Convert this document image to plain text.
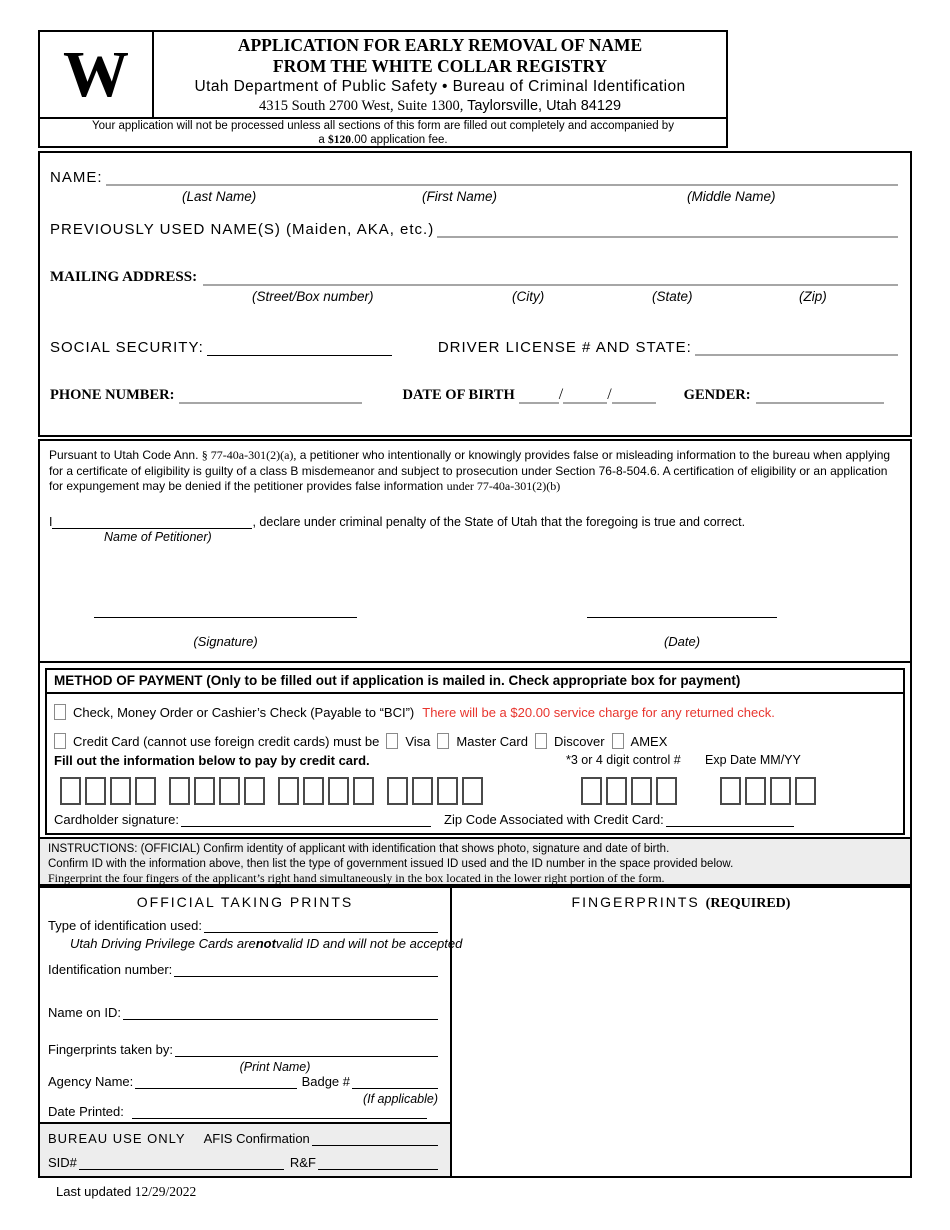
W	APPLICATION FOR EARLY REMOVAL OF NAME
FROM THE WHITE COLLAR REGISTRY
Utah Department of Public Safety • Bureau of Criminal Identification
4315 South 2700 West, Suite 1300, Taylorsville, Utah 84129
Your application will not be processed unless all sections of this form are filled out completely and accompanied by
a $120.00 application fee.
NAME:
(Last Name)	(First Name)	(Middle Name)
PREVIOUSLY USED NAME(S) (Maiden, AKA, etc.)
MAILING ADDRESS:
(Street/Box number)	(City)	(State)	(Zip)
SOCIAL SECURITY:	DRIVER LICENSE # AND STATE:
PHONE NUMBER:	DATE OF BIRTH	/	/	GENDER:
Pursuant to Utah Code Ann. § 77-40a-301(2)(a), a petitioner who intentionally or knowingly provides false or misleading information to the bureau when applying for a certificate of eligibility is guilty of a class B misdemeanor and subject to prosecution under Section 76-8-504.6. A certification of eligibility or an application for expungement may be denied if the petitioner provides false information under 77-40a-301(2)(b)
I	, declare under criminal penalty of the State of Utah that the foregoing is true and correct.
Name of Petitioner)
(Signature)	(Date)
METHOD OF PAYMENT (Only to be filled out if application is mailed in. Check appropriate box for payment)
Check, Money Order or Cashier’s Check (Payable to “BCI”) There will be a $20.00 service charge for any returned check.
Credit Card (cannot use foreign credit cards) must be Visa Master Card Discover AMEX
Fill out the information below to pay by credit card.	*3 or 4 digit control # Exp Date MM/YY
Cardholder signature:	Zip Code Associated with Credit Card:
INSTRUCTIONS: (OFFICIAL) Confirm identity of applicant with identification that shows photo, signature and date of birth.
Confirm ID with the information above, then list the type of government issued ID used and the ID number in the space provided below.
Fingerprint the four fingers of the applicant’s right hand simultaneously in the box located in the lower right portion of the form.
OFFICIAL TAKING PRINTS
Type of identification used:
Utah Driving Privilege Cards are not valid ID and will not be accepted
Identification number:
Name on ID:
Fingerprints taken by:
(Print Name)
Agency Name:	Badge #
(If applicable)
Date Printed:
BUREAU USE ONLY AFIS Confirmation
SID#	R&F
FINGERPRINTS (REQUIRED)
Last updated 12/29/2022
